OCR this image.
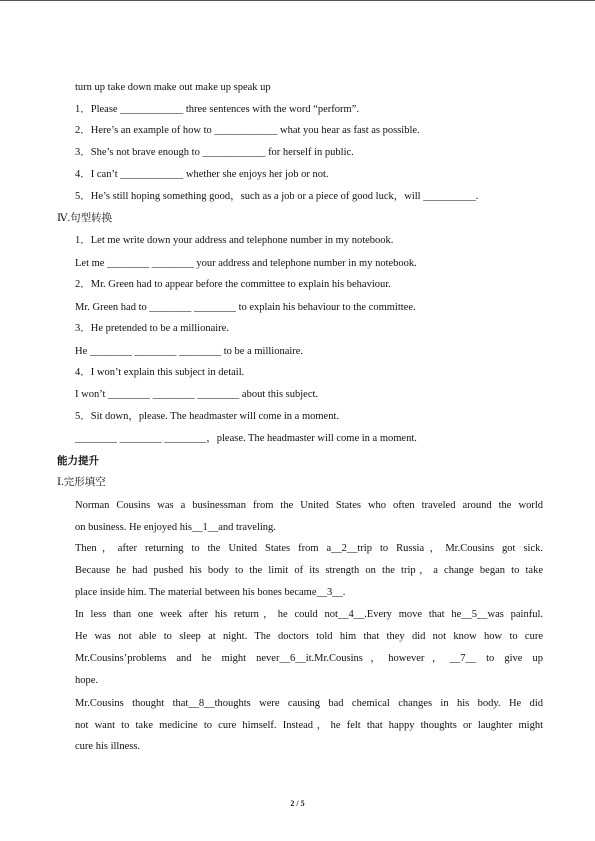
turn up take down make out make up speak up
1．Please ____________ three sentences with the word “perform”.
2．Here’s an example of how to ____________ what you hear as fast as possible.
3．She’s not brave enough to ____________ for herself in public.
4．I can’t ____________ whether she enjoys her job or not.
5．He’s still hoping something good，such as a job or a piece of good luck，will __________.
Ⅳ.句型转换
1．Let me write down your address and telephone number in my notebook.
Let me ________ ________ your address and telephone number in my notebook.
2．Mr. Green had to appear before the committee to explain his behaviour.
Mr. Green had to ________ ________ to explain his behaviour to the committee.
3．He pretended to be a millionaire.
He ________ ________ ________ to be a millionaire.
4．I won’t explain this subject in detail.
I won’t ________ ________ ________ about this subject.
5．Sit down，please. The headmaster will come in a moment.
________ ________ ________，please. The headmaster will come in a moment.
能力提升
Ⅰ.完形填空
Norman Cousins was a businessman from the United States who often traveled around the world
on business. He enjoyed his__1__and traveling.
Then，after returning to the United States from a__2__trip to Russia，Mr.Cousins got sick.
Because he had pushed his body to the limit of its strength on the trip，a change began to take
place inside him. The material between his bones became__3__.
In less than one week after his return，he could not__4__.Every move that he__5__was painful.
He was not able to sleep at night. The doctors told him that they did not know how to cure
Mr.Cousins’problems and he might never__6__it.Mr.Cousins，however，__7__ to give up
hope.
Mr.Cousins thought that__8__thoughts were causing bad chemical changes in his body. He did
not want to take medicine to cure himself. Instead，he felt that happy thoughts or laughter might
cure his illness.
2 / 5
